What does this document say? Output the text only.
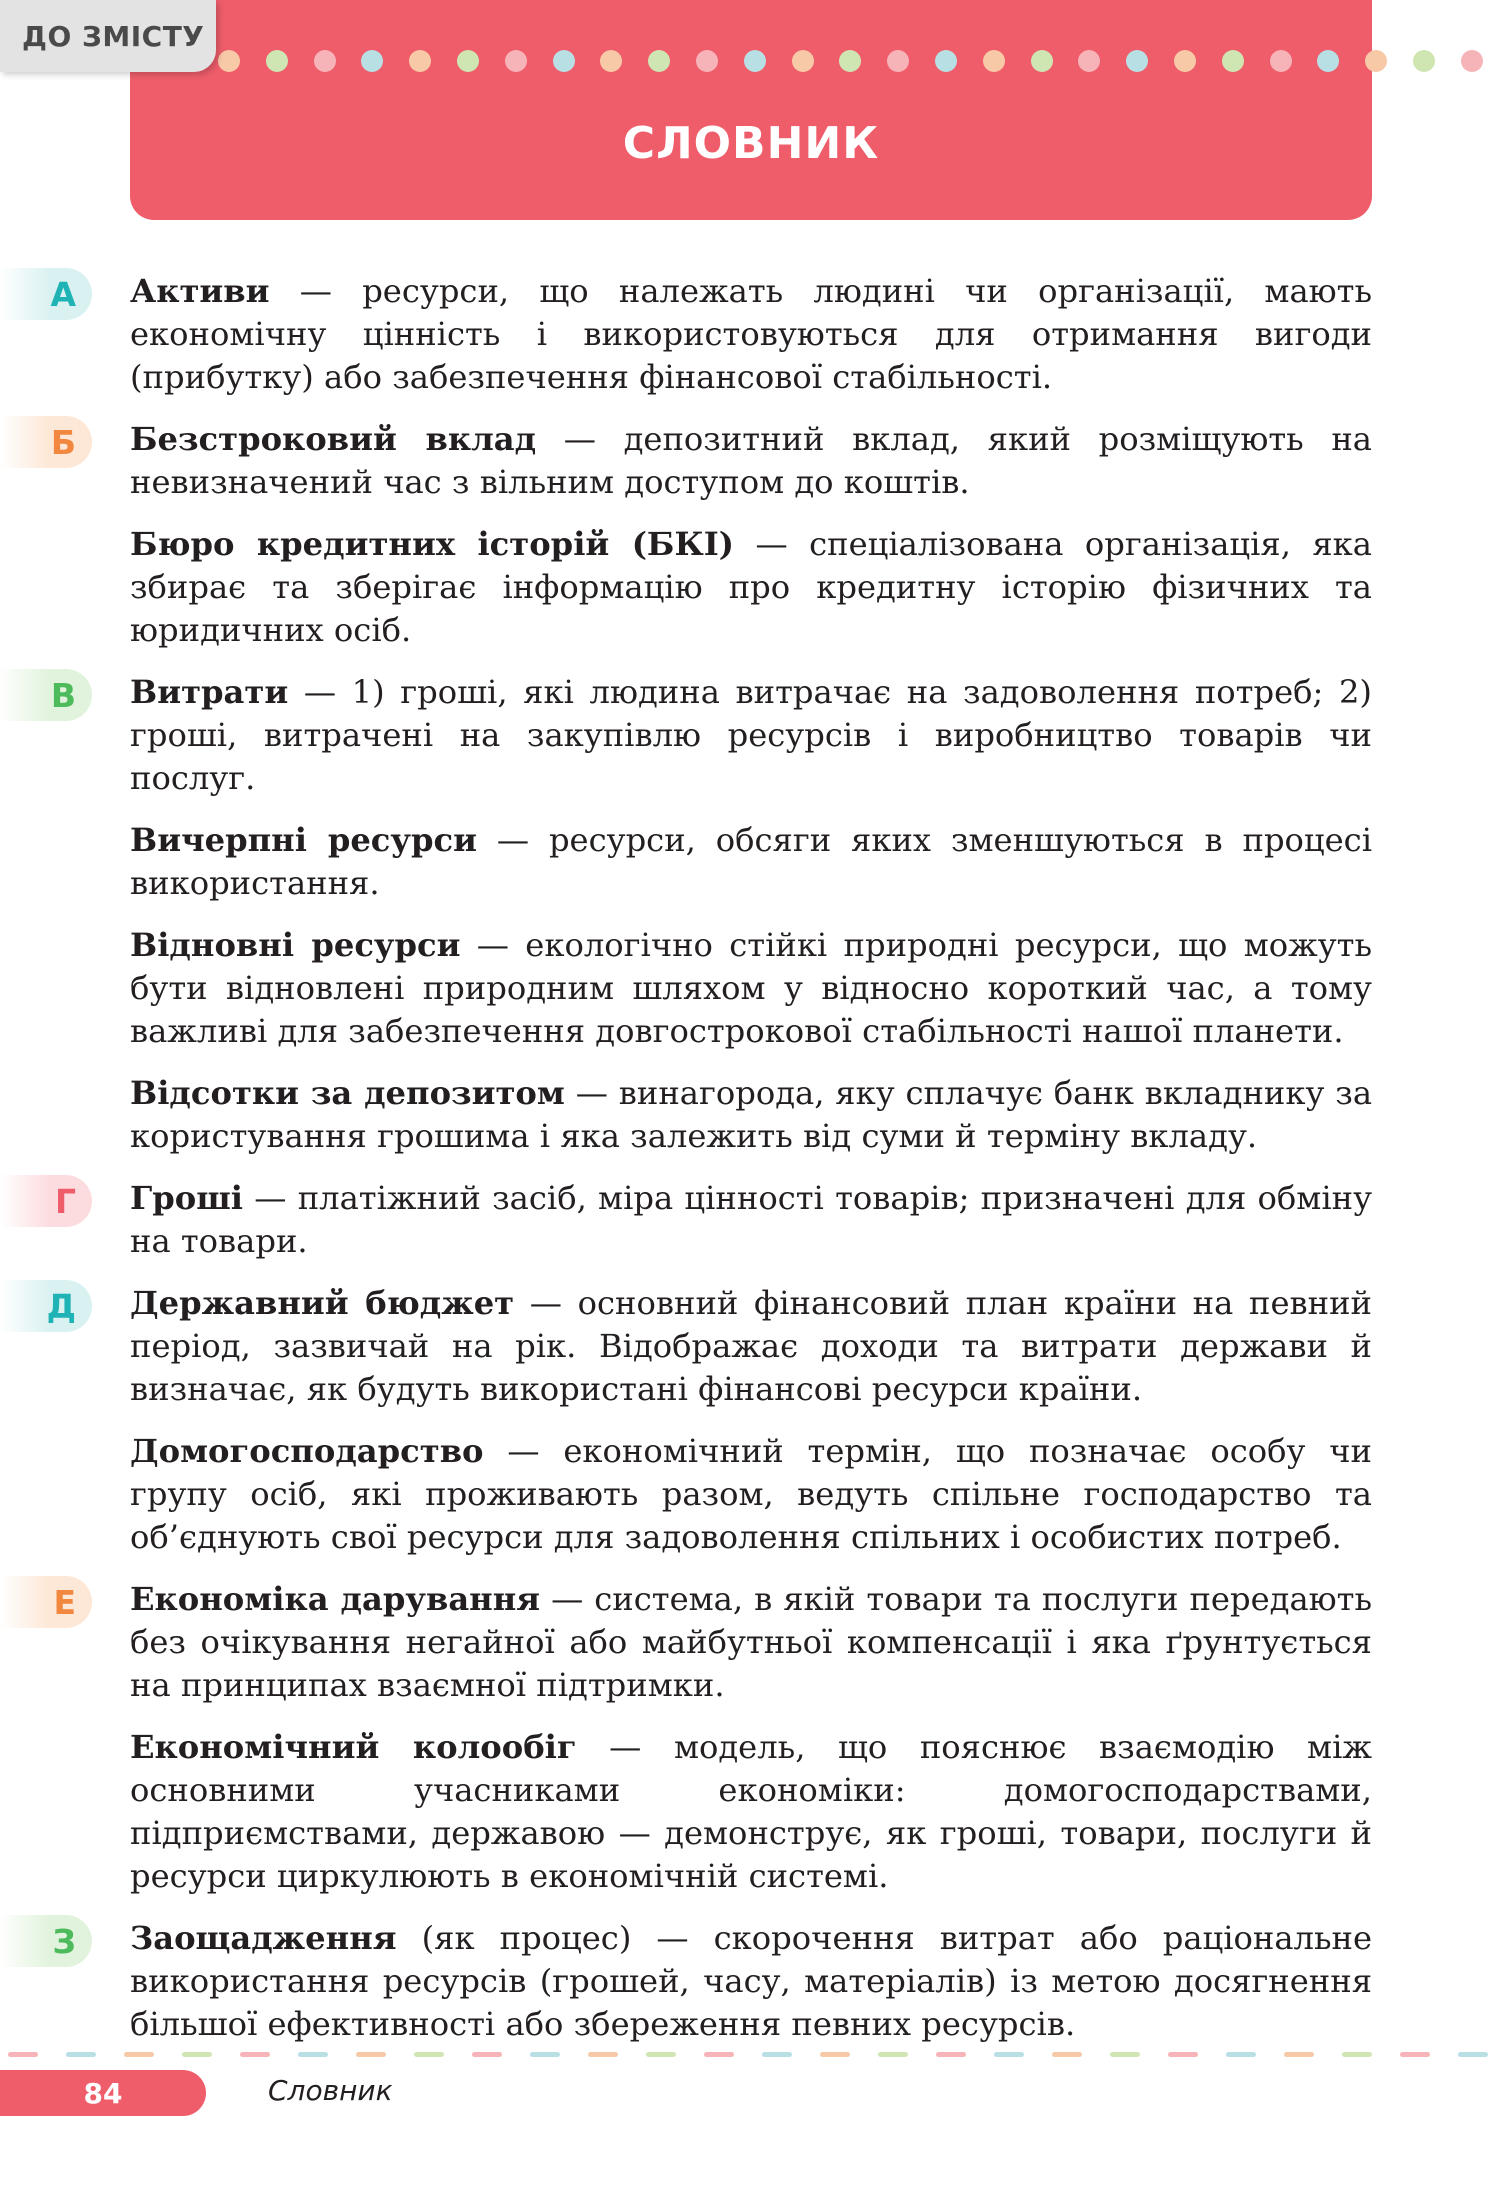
ДО ЗМІСТУ
СЛОВНИК
А	Активи — ресурси, що належать людині чи організації, мають економічну цінність і використовуються для отримання вигоди (прибутку) або забезпечення фінансової стабільності.
Б	Безстроковий вклад — депозитний вклад, який розміщують на невизначений час з вільним доступом до коштів.
Бюро кредитних історій (БКІ) — спеціалізована організація, яка збирає та зберігає інформацію про кредитну історію фізичних та юридичних осіб.
В	Витрати — 1) гроші, які людина витрачає на задоволення потреб; 2) гроші, витрачені на закупівлю ресурсів і виробництво товарів чи послуг.
Вичерпні ресурси — ресурси, обсяги яких зменшуються в процесі використання.
Відновні ресурси — екологічно стійкі природні ресурси, що можуть бути відновлені природним шляхом у відносно короткий час, а тому важливі для забезпечення довгострокової стабільності нашої планети.
Відсотки за депозитом — винагорода, яку сплачує банк вкладнику за користування грошима і яка залежить від суми й терміну вкладу.
Г	Гроші — платіжний засіб, міра цінності товарів; призначені для обміну на товари.
Д	Державний бюджет — основний фінансовий план країни на певний період, зазвичай на рік. Відображає доходи та витрати держави й визначає, як будуть використані фінансові ресурси країни.
Домогосподарство — економічний термін, що позначає особу чи групу осіб, які проживають разом, ведуть спільне господарство та об’єднують свої ресурси для задоволення спільних і особистих потреб.
Е	Економіка дарування — система, в якій товари та послуги передають без очікування негайної або майбутньої компенсації і яка ґрунтується на принципах взаємної підтримки.
Економічний колообіг — модель, що пояснює взаємодію між основними учасниками економіки: домогосподарствами, підприємствами, державою — демонструє, як гроші, товари, послуги й ресурси циркулюють в економічній системі.
З	Заощадження (як процес) — скорочення витрат або раціональне використання ресурсів (грошей, часу, матеріалів) із метою досягнення більшої ефективності або збереження певних ресурсів.
84	Словник
